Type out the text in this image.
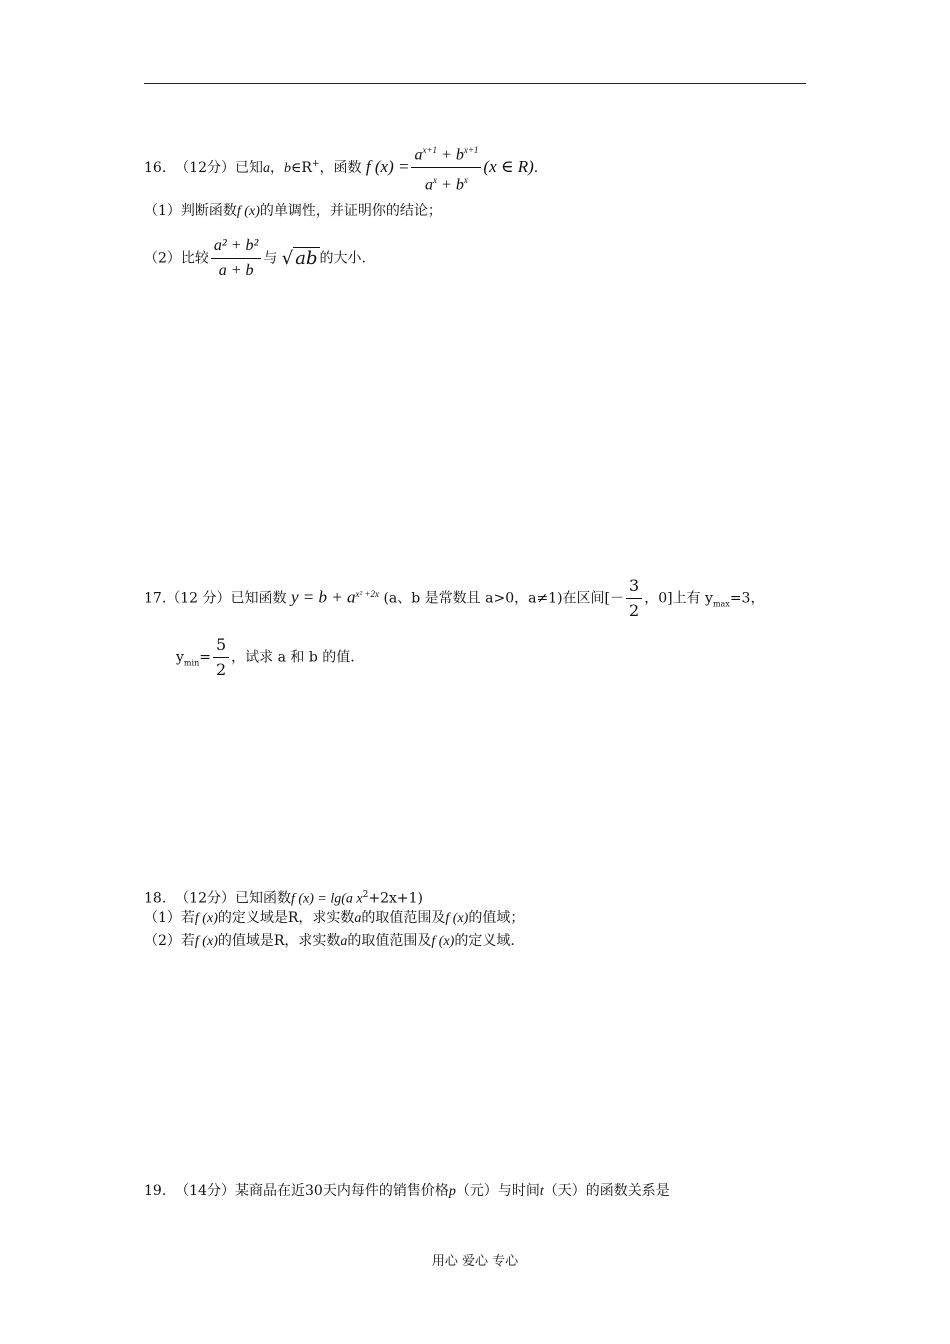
16. （12分）已知a，b∈R+，函数 f $(x) = \frac{a^{x+1} + b^{x+1}}{a^x + b^x} (x$ ∈ R).
（1）判断函数f (x)的单调性，并证明你的结论；
（2）比较 $\frac{\text{a² + b²}}{a + b}$ 与 √ ab 的大小.
17.（12 分）已知函数 $y = b + a^{x^2 +2x}$ (a、b 是常数且 a>0，a≠1)在区间[－ $\frac{3}{2}$ ，0]上有 $y_{max}=3$，
$y_{min}= \frac{5}{2}$ ，试求 a 和 b 的值.
18. （12分）已知函数f (x) = lg(a $x^2+2x+1$)
（1）若f (x)的定义域是R，求实数a的取值范围及f (x)的值域；
（2）若f (x)的值域是R，求实数a的取值范围及f (x)的定义域.
19. （14分）某商品在近30天内每件的销售价格p（元）与时间t（天）的函数关系是
用心 爱心 专心
